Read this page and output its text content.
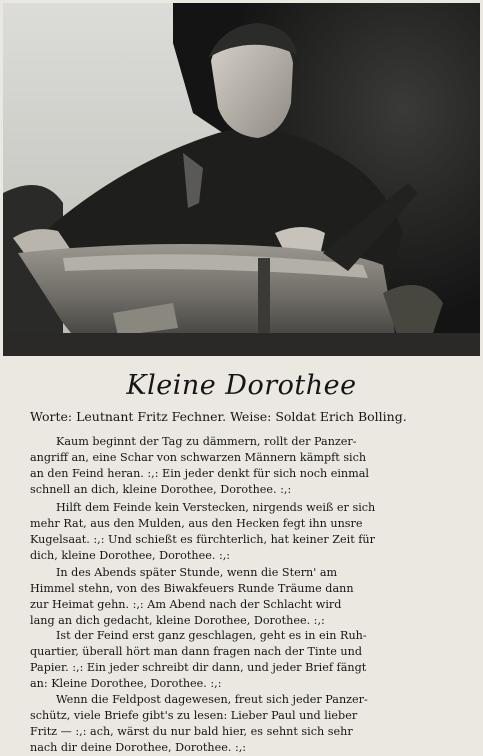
Kleine Dorothee
Worte: Leutnant Fritz Fechner. Weise: Soldat Erich Bolling.
Kaum beginnt der Tag zu dämmern, rollt der Panzer-
angriff an, eine Schar von schwarzen Männern kämpft sich
an den Feind heran. :,: Ein jeder denkt für sich noch einmal
schnell an dich, kleine Dorothee, Dorothee. :,:
Hilft dem Feinde kein Verstecken, nirgends weiß er sich
mehr Rat, aus den Mulden, aus den Hecken fegt ihn unsre
Kugelsaat. :,: Und schießt es fürchterlich, hat keiner Zeit für
dich, kleine Dorothee, Dorothee. :,:
In des Abends später Stunde, wenn die Stern' am
Himmel stehn, von des Biwakfeuers Runde Träume dann
zur Heimat gehn. :,: Am Abend nach der Schlacht wird
lang an dich gedacht, kleine Dorothee, Dorothee. :,:
Ist der Feind erst ganz geschlagen, geht es in ein Ruh-
quartier, überall hört man dann fragen nach der Tinte und
Papier. :,: Ein jeder schreibt dir dann, und jeder Brief fängt
an: Kleine Dorothee, Dorothee. :,:
Wenn die Feldpost dagewesen, freut sich jeder Panzer-
schütz, viele Briefe gibt's zu lesen: Lieber Paul und lieber
Fritz — :,: ach, wärst du nur bald hier, es sehnt sich sehr
nach dir deine Dorothee, Dorothee. :,:
